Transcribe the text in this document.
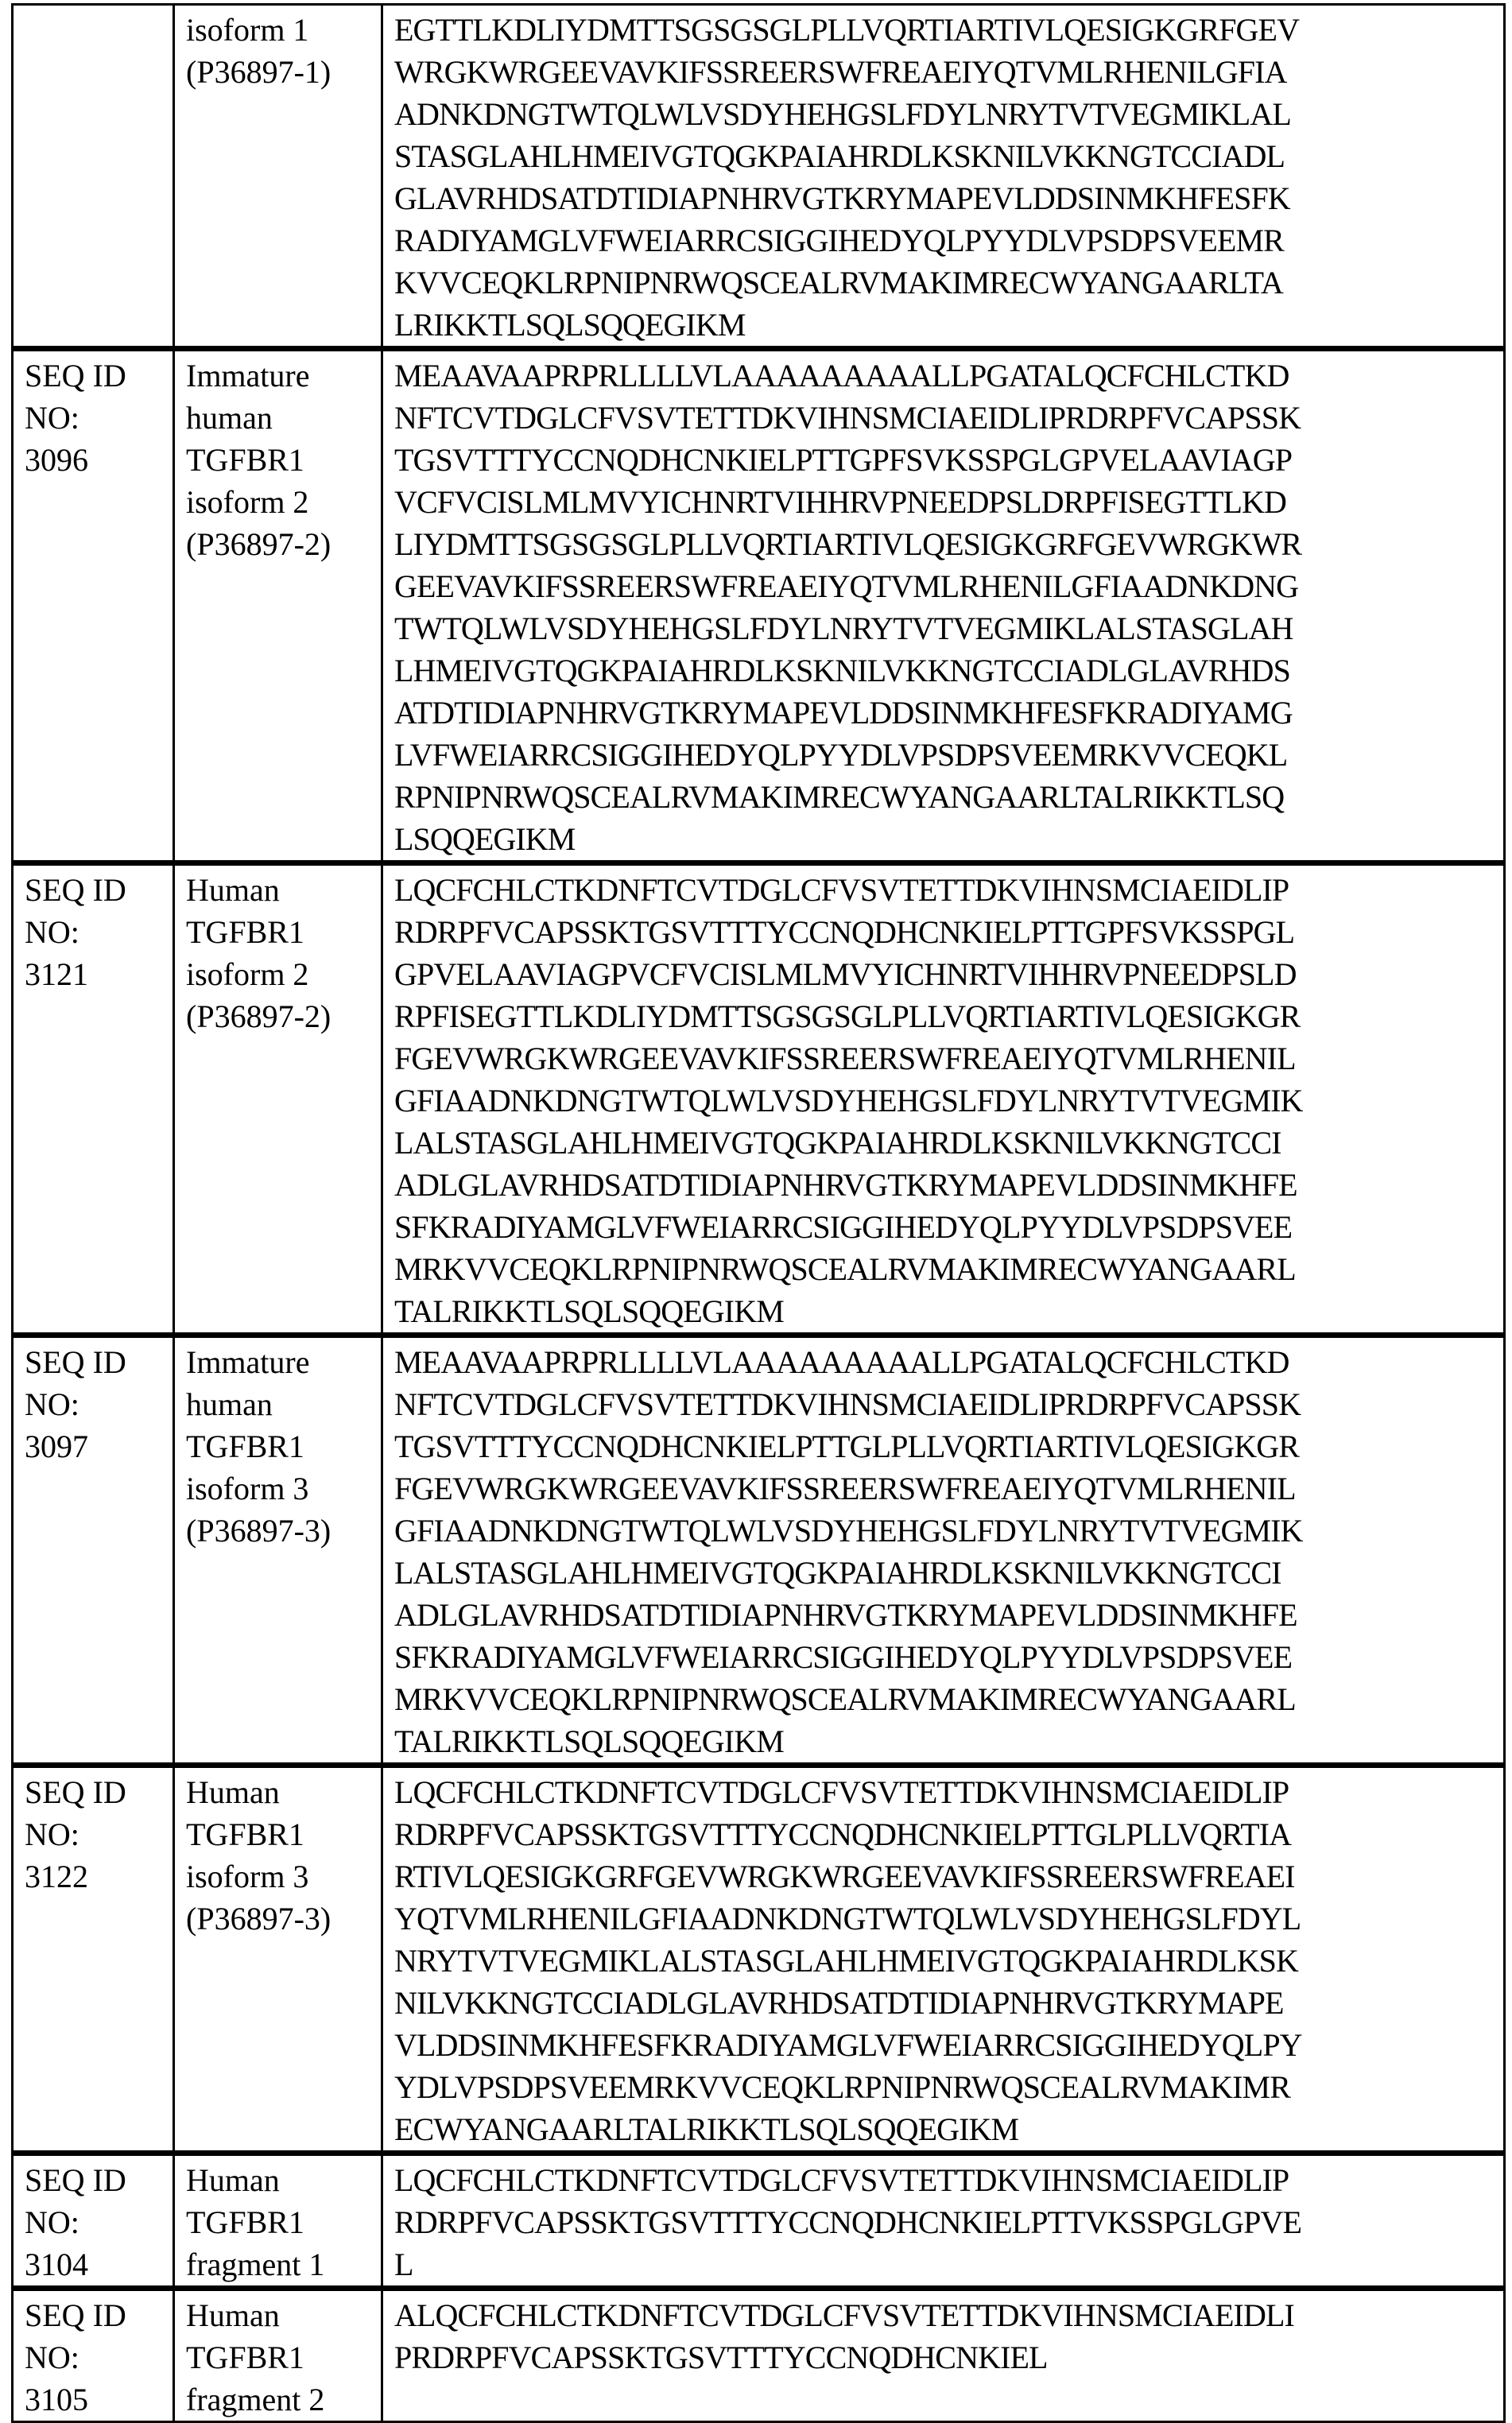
isoform 1
(P36897-1)

EGTTLKDLIYDMTTSGSGSGLPLLVQRTIARTIVLQESIGKGRFGEV
WRGKWRGEEVAVKIFSSREERSWFREAEIYQTVMLRHENILGFIA
ADNKDNGTWTQLWLVSDYHEHGSLFDYLNRYTVTVEGMIKLAL
STASGLAHLHMEIVGTQGKPAIAHRDLKSKNILVKKNGTCCIADL
GLAVRHDSATDTIDIAPNHRVGTKRYMAPEVLDDSINMKHFESFK
RADIYAMGLVFWEIARRCSIGGIHEDYQLPYYDLVPSDPSVEEMR
KVVCEQKLRPNIPNRWQSCEALRVMAKIMRECWYANGAARLTA
LRIKKTLSQLSQQEGIKM

SEQ ID
NO:
3096

Immature
human
TGFBR1
isoform 2
(P36897-2)

MEAAVAAPRPRLLLLVLAAAAAAAAALLPGATALQCFCHLCTKD
NFTCVTDGLCFVSVTETTDKVIHNSMCIAEIDLIPRDRPFVCAPSSK
TGSVTTTYCCNQDHCNKIELPTTGPFSVKSSPGLGPVELAAVIAGP
VCFVCISLMLMVYICHNRTVIHHRVPNEEDPSLDRPFISEGTTLKD
LIYDMTTSGSGSGLPLLVQRTIARTIVLQESIGKGRFGEVWRGKWR
GEEVAVKIFSSREERSWFREAEIYQTVMLRHENILGFIAADNKDNG
TWTQLWLVSDYHEHGSLFDYLNRYTVTVEGMIKLALSTASGLAH
LHMEIVGTQGKPAIAHRDLKSKNILVKKNGTCCIADLGLAVRHDS
ATDTIDIAPNHRVGTKRYMAPEVLDDSINMKHFESFKRADIYAMG
LVFWEIARRCSIGGIHEDYQLPYYDLVPSDPSVEEMRKVVCEQKL
RPNIPNRWQSCEALRVMAKIMRECWYANGAARLTALRIKKTLSQ
LSQQEGIKM

SEQ ID
NO:
3121

Human
TGFBR1
isoform 2
(P36897-2)

LQCFCHLCTKDNFTCVTDGLCFVSVTETTDKVIHNSMCIAEIDLIP
RDRPFVCAPSSKTGSVTTTYCCNQDHCNKIELPTTGPFSVKSSPGL
GPVELAAVIAGPVCFVCISLMLMVYICHNRTVIHHRVPNEEDPSLD
RPFISEGTTLKDLIYDMTTSGSGSGLPLLVQRTIARTIVLQESIGKGR
FGEVWRGKWRGEEVAVKIFSSREERSWFREAEIYQTVMLRHENIL
GFIAADNKDNGTWTQLWLVSDYHEHGSLFDYLNRYTVTVEGMIK
LALSTASGLAHLHMEIVGTQGKPAIAHRDLKSKNILVKKNGTCCI
ADLGLAVRHDSATDTIDIAPNHRVGTKRYMAPEVLDDSINMKHFE
SFKRADIYAMGLVFWEIARRCSIGGIHEDYQLPYYDLVPSDPSVEE
MRKVVCEQKLRPNIPNRWQSCEALRVMAKIMRECWYANGAARL
TALRIKKTLSQLSQQEGIKM

SEQ ID
NO:
3097

Immature
human
TGFBR1
isoform 3
(P36897-3)

MEAAVAAPRPRLLLLVLAAAAAAAAALLPGATALQCFCHLCTKD
NFTCVTDGLCFVSVTETTDKVIHNSMCIAEIDLIPRDRPFVCAPSSK
TGSVTTTYCCNQDHCNKIELPTTGLPLLVQRTIARTIVLQESIGKGR
FGEVWRGKWRGEEVAVKIFSSREERSWFREAEIYQTVMLRHENIL
GFIAADNKDNGTWTQLWLVSDYHEHGSLFDYLNRYTVTVEGMIK
LALSTASGLAHLHMEIVGTQGKPAIAHRDLKSKNILVKKNGTCCI
ADLGLAVRHDSATDTIDIAPNHRVGTKRYMAPEVLDDSINMKHFE
SFKRADIYAMGLVFWEIARRCSIGGIHEDYQLPYYDLVPSDPSVEE
MRKVVCEQKLRPNIPNRWQSCEALRVMAKIMRECWYANGAARL
TALRIKKTLSQLSQQEGIKM

SEQ ID
NO:
3122

Human
TGFBR1
isoform 3
(P36897-3)

LQCFCHLCTKDNFTCVTDGLCFVSVTETTDKVIHNSMCIAEIDLIP
RDRPFVCAPSSKTGSVTTTYCCNQDHCNKIELPTTGLPLLVQRTIA
RTIVLQESIGKGRFGEVWRGKWRGEEVAVKIFSSREERSWFREAEI
YQTVMLRHENILGFIAADNKDNGTWTQLWLVSDYHEHGSLFDYL
NRYTVTVEGMIKLALSTASGLAHLHMEIVGTQGKPAIAHRDLKSK
NILVKKNGTCCIADLGLAVRHDSATDTIDIAPNHRVGTKRYMAPE
VLDDSINMKHFESFKRADIYAMGLVFWEIARRCSIGGIHEDYQLPY
YDLVPSDPSVEEMRKVVCEQKLRPNIPNRWQSCEALRVMAKIMR
ECWYANGAARLTALRIKKTLSQLSQQEGIKM

SEQ ID
NO:
3104

Human
TGFBR1
fragment 1

LQCFCHLCTKDNFTCVTDGLCFVSVTETTDKVIHNSMCIAEIDLIP
RDRPFVCAPSSKTGSVTTTYCCNQDHCNKIELPTTVKSSPGLGPVE
L

SEQ ID
NO:
3105

Human
TGFBR1
fragment 2

ALQCFCHLCTKDNFTCVTDGLCFVSVTETTDKVIHNSMCIAEIDLI
PRDRPFVCAPSSKTGSVTTTYCCNQDHCNKIEL
